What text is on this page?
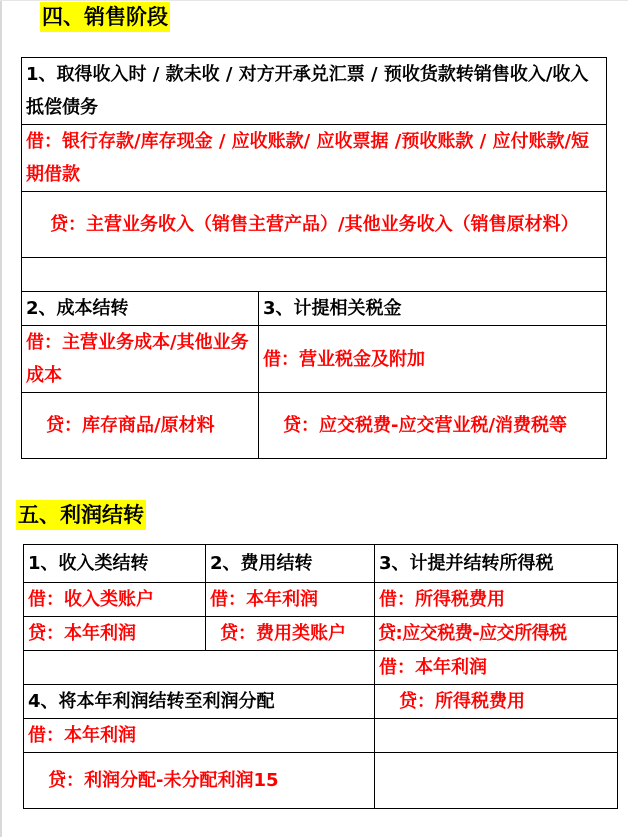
四、销售阶段
1、取得收入时 / 款未收 / 对方开承兑汇票 / 预收货款转销售收入/收入抵偿债务	
借：银行存款/库存现金 / 应收账款/ 应收票据 /预收账款 / 应付账款/短期借款	
贷：主营业务收入（销售主营产品）/其他业务收入（销售原材料）	

2、成本结转	3、计提相关税金
借：主营业务成本/其他业务成本	借：营业税金及附加
贷：库存商品/原材料	贷：应交税费-应交营业税/消费税等
五、利润结转
1、收入类结转	2、费用结转	3、计提并结转所得税
借：收入类账户	借：本年利润	借：所得税费用
贷：本年利润	贷：费用类账户	贷:应交税费-应交所得税
		借：本年利润
4、将本年利润结转至利润分配		贷：所得税费用
借：本年利润		
贷：利润分配-未分配利润15		
